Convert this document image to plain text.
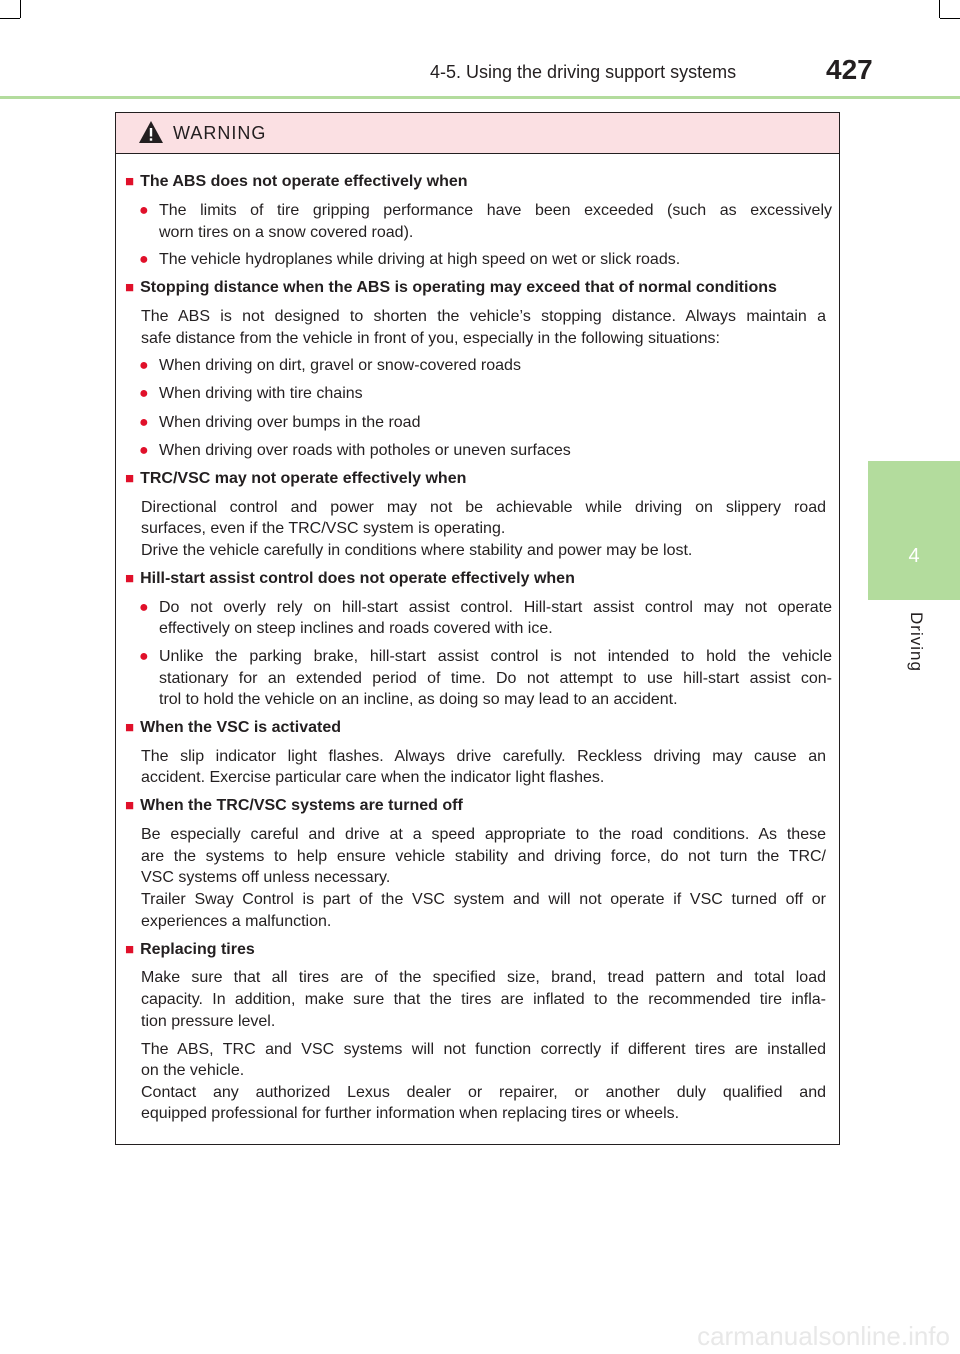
4-5. Using the driving support systems	427
4
Driving
WARNING
■ The ABS does not operate effectively when
● The limits of tire gripping performance have been exceeded (such as excessively
worn tires on a snow covered road).
● The vehicle hydroplanes while driving at high speed on wet or slick roads.
■ Stopping distance when the ABS is operating may exceed that of normal conditions
The ABS is not designed to shorten the vehicle’s stopping distance. Always maintain a
safe distance from the vehicle in front of you, especially in the following situations:
● When driving on dirt, gravel or snow-covered roads
● When driving with tire chains
● When driving over bumps in the road
● When driving over roads with potholes or uneven surfaces
■ TRC/VSC may not operate effectively when
Directional control and power may not be achievable while driving on slippery road
surfaces, even if the TRC/VSC system is operating.
Drive the vehicle carefully in conditions where stability and power may be lost.
■ Hill-start assist control does not operate effectively when
● Do not overly rely on hill-start assist control. Hill-start assist control may not operate
effectively on steep inclines and roads covered with ice.
● Unlike the parking brake, hill-start assist control is not intended to hold the vehicle
stationary for an extended period of time. Do not attempt to use hill-start assist con-
trol to hold the vehicle on an incline, as doing so may lead to an accident.
■ When the VSC is activated
The slip indicator light flashes. Always drive carefully. Reckless driving may cause an
accident. Exercise particular care when the indicator light flashes.
■ When the TRC/VSC systems are turned off
Be especially careful and drive at a speed appropriate to the road conditions. As these
are the systems to help ensure vehicle stability and driving force, do not turn the TRC/
VSC systems off unless necessary.
Trailer Sway Control is part of the VSC system and will not operate if VSC turned off or
experiences a malfunction.
■ Replacing tires
Make sure that all tires are of the specified size, brand, tread pattern and total load
capacity. In addition, make sure that the tires are inflated to the recommended tire infla-
tion pressure level.
The ABS, TRC and VSC systems will not function correctly if different tires are installed
on the vehicle.
Contact any authorized Lexus dealer or repairer, or another duly qualified and
equipped professional for further information when replacing tires or wheels.
carmanualsonline.info
